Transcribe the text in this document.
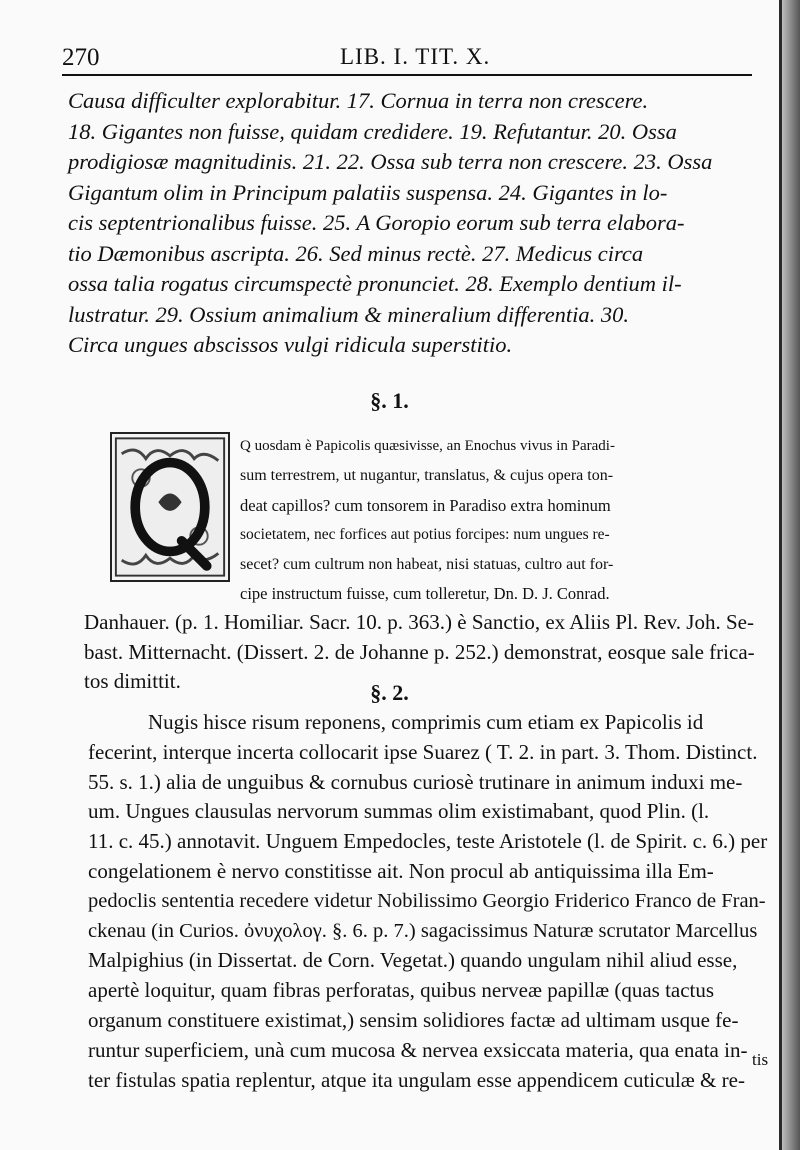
270	LIB. I. TIT. X.
Causa difficulter explorabitur. 17. Cornua in terra non crescere.
18. Gigantes non fuisse, quidam credidere. 19. Refutantur. 20. Ossa
prodigiosæ magnitudinis. 21. 22. Ossa sub terra non crescere. 23. Ossa
Gigantum olim in Principum palatiis suspensa. 24. Gigantes in lo-
cis septentrionalibus fuisse. 25. A Goropio eorum sub terra elabora-
tio Dæmonibus ascripta. 26. Sed minus rectè. 27. Medicus circa
ossa talia rogatus circumspectè pronunciet. 28. Exemplo dentium il-
lustratur. 29. Ossium animalium & mineralium differentia. 30.
Circa ungues abscissos vulgi ridicula superstitio.
§. 1.
Q uosdam è Papicolis quæsivisse, an Enochus vivus in Paradi-
sum terrestrem, ut nugantur, translatus, & cujus opera ton-
deat capillos? cum tonsorem in Paradiso extra hominum
societatem, nec forfices aut potius forcipes: num ungues re-
secet? cum cultrum non habeat, nisi statuas, cultro aut for-
cipe instructum fuisse, cum tolleretur, Dn. D. J. Conrad.
Danhauer. (p. 1. Homiliar. Sacr. 10. p. 363.) è Sanctio, ex Aliis Pl. Rev. Joh. Se-
bast. Mitternacht. (Dissert. 2. de Johanne p. 252.) demonstrat, eosque sale frica-
tos dimittit.	§. 2.
Nugis hisce risum reponens, comprimis cum etiam ex Papicolis id
fecerint, interque incerta collocarit ipse Suarez ( T. 2. in part. 3. Thom. Distinct.
55. s. 1.) alia de unguibus & cornubus curiosè trutinare in animum induxi me-
um. Ungues clausulas nervorum summas olim existimabant, quod Plin. (l.
11. c. 45.) annotavit. Unguem Empedocles, teste Aristotele (l. de Spirit. c. 6.) per
congelationem è nervo constitisse ait. Non procul ab antiquissima illa Em-
pedoclis sententia recedere videtur Nobilissimo Georgio Friderico Franco de Fran-
ckenau (in Curios. ὀνυχολογ. §. 6. p. 7.) sagacissimus Naturæ scrutator Marcellus
Malpighius (in Dissertat. de Corn. Vegetat.) quando ungulam nihil aliud esse,
apertè loquitur, quam fibras perforatas, quibus nerveæ papillæ (quas tactus
organum constituere existimat,) sensim solidiores factæ ad ultimam usque fe-
runtur superficiem, unà cum mucosa & nervea exsiccata materia, qua enata in-
ter fistulas spatia replentur, atque ita ungulam esse appendicem cuticulæ & re-
tis
